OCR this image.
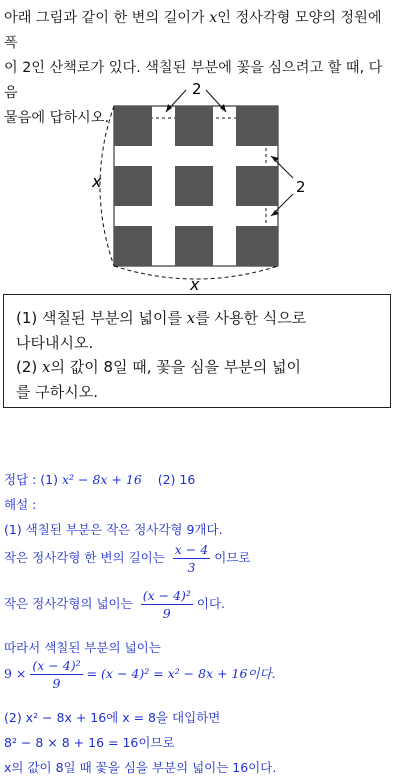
아래 그림과 같이 한 변의 길이가 x인 정사각형 모양의 정원에 폭
이 2인 산책로가 있다. 색칠된 부분에 꽃을 심으려고 할 때, 다음
물음에 답하시오.
2
2
x
x

(1) 색칠된 부분의 넓이를 x를 사용한 식으로

나타내시오.

(2) x의 값이 8일 때, 꽃을 심을 부분의 넓이

를 구하시오.

정답 : (1) x² − 8x + 16 (2) 16
해설 :
(1) 색칠된 부분은 작은 정사각형 9개다.
작은 정사각형 한 변의 길이는 $\frac{x - 4}{3}$ 이므로
작은 정사각형의 넓이는 $\frac{\text{(x − 4)²}}{9}$ 이다.
따라서 색칠된 부분의 넓이는
$9 \times \frac{\text{(x − 4)²}}{9} = (x - 4)^2 = x^2 - 8x + 16$이다.
(2) x² − 8x + 16에 x = 8을 대입하면
8² − 8 × 8 + 16 = 16이므로
x의 값이 8일 때 꽃을 심을 부분의 넓이는 16이다.
